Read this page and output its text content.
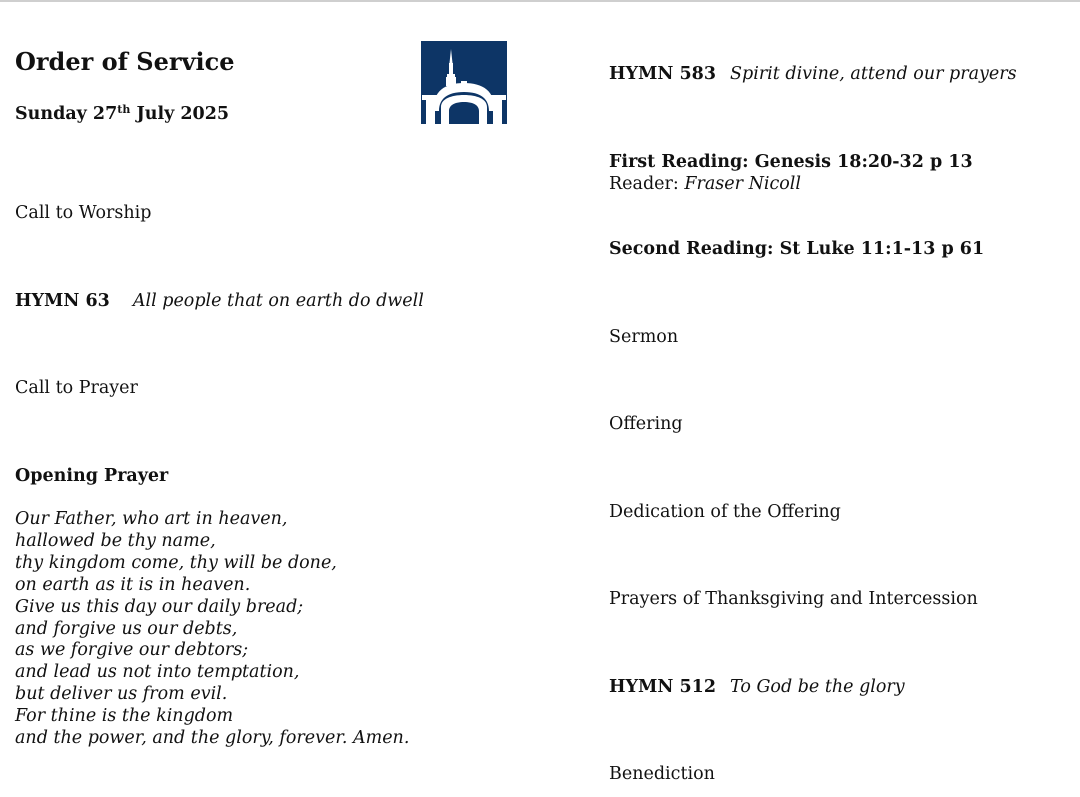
Order of Service
Sunday 27th July 2025
Call to Worship
HYMN 63 All people that on earth do dwell
Call to Prayer
Opening Prayer
Our Father, who art in heaven,
hallowed be thy name,
thy kingdom come, thy will be done,
on earth as it is in heaven.
Give us this day our daily bread;
and forgive us our debts,
as we forgive our debtors;
and lead us not into temptation,
but deliver us from evil.
For thine is the kingdom
and the power, and the glory, forever. Amen.
HYMN 583 Spirit divine, attend our prayers
First Reading: Genesis 18:20-32 p 13
Reader: Fraser Nicoll
Second Reading: St Luke 11:1-13 p 61
Sermon
Offering
Dedication of the Offering
Prayers of Thanksgiving and Intercession
HYMN 512 To God be the glory
Benediction
